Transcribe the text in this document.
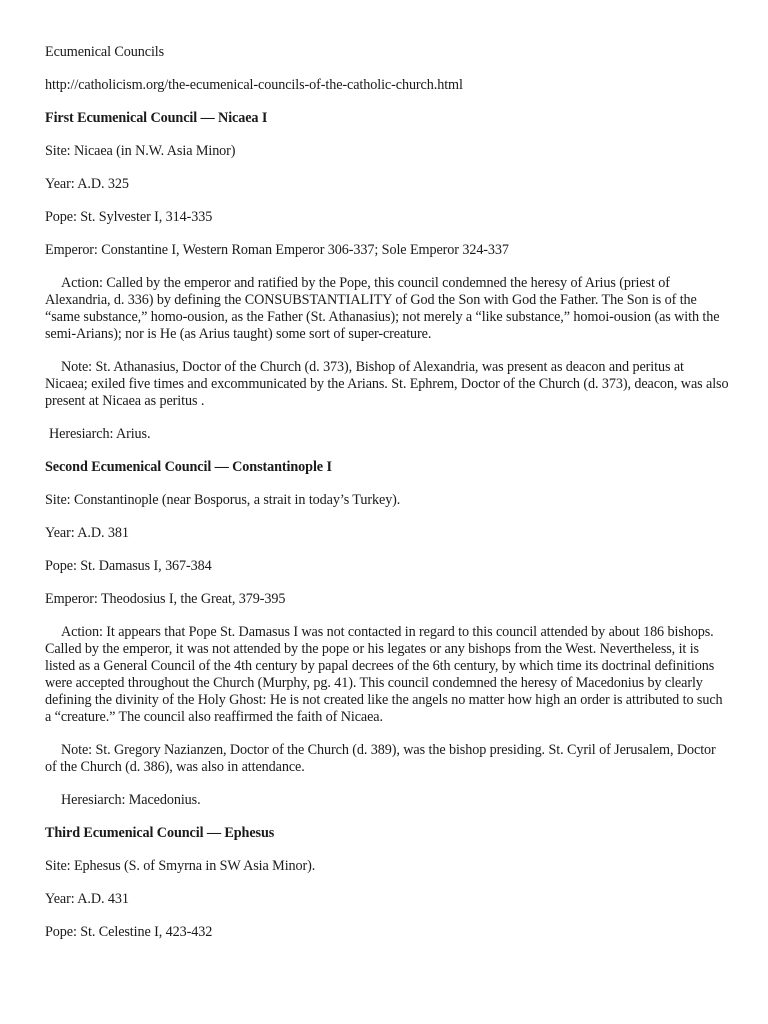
Ecumenical Councils

http://catholicism.org/the-ecumenical-councils-of-the-catholic-church.html

First Ecumenical Council — Nicaea I

Site: Nicaea (in N.W. Asia Minor)

Year: A.D. 325

Pope: St. Sylvester I, 314-335

Emperor: Constantine I, Western Roman Emperor 306-337; Sole Emperor 324-337

Action: Called by the emperor and ratified by the Pope, this council condemned the heresy of Arius (priest of Alexandria, d. 336) by defining the CONSUBSTANTIALITY of God the Son with God the Father. The Son is of the “same substance,” homo-ousion, as the Father (St. Athanasius); not merely a “like substance,” homoi-ousion (as with the semi-Arians); nor is He (as Arius taught) some sort of super-creature.

Note: St. Athanasius, Doctor of the Church (d. 373), Bishop of Alexandria, was present as deacon and peritus at Nicaea; exiled five times and excommunicated by the Arians. St. Ephrem, Doctor of the Church (d. 373), deacon, was also present at Nicaea as peritus .

Heresiarch: Arius.

Second Ecumenical Council — Constantinople I

Site: Constantinople (near Bosporus, a strait in today’s Turkey).

Year: A.D. 381

Pope: St. Damasus I, 367-384

Emperor: Theodosius I, the Great, 379-395

Action: It appears that Pope St. Damasus I was not contacted in regard to this council attended by about 186 bishops. Called by the emperor, it was not attended by the pope or his legates or any bishops from the West. Nevertheless, it is listed as a General Council of the 4th century by papal decrees of the 6th century, by which time its doctrinal definitions were accepted throughout the Church (Murphy, pg. 41). This council condemned the heresy of Macedonius by clearly defining the divinity of the Holy Ghost: He is not created like the angels no matter how high an order is attributed to such a “creature.” The council also reaffirmed the faith of Nicaea.

Note: St. Gregory Nazianzen, Doctor of the Church (d. 389), was the bishop presiding. St. Cyril of Jerusalem, Doctor of the Church (d. 386), was also in attendance.

Heresiarch: Macedonius.

Third Ecumenical Council — Ephesus

Site: Ephesus (S. of Smyrna in SW Asia Minor).

Year: A.D. 431

Pope: St. Celestine I, 423-432
